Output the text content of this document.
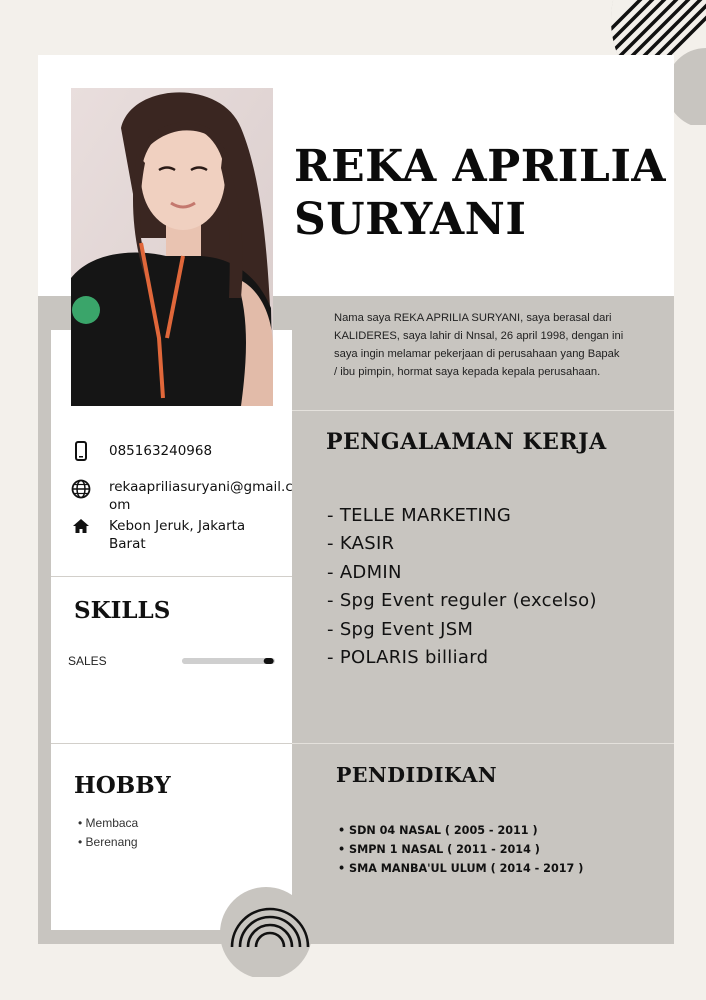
REKA APRILIA SURYANI

Nama saya REKA APRILIA SURYANI, saya berasal dari KALIDERES, saya lahir di Nnsal, 26 april 1998, dengan ini saya ingin melamar pekerjaan di perusahaan yang Bapak / ibu pimpin, hormat saya kepada kepala perusahaan.

085163240968

rekaapriliasuryani@gmail.com

Kebon Jeruk, Jakarta Barat

SKILLS

SALES

HOBBY
• Membaca
• Berenang
PENGALAMAN KERJA
- TELLE MARKETING
- KASIR
- ADMIN
- Spg Event reguler (excelso)
- Spg Event JSM
- POLARIS billiard
PENDIDIKAN
• SDN 04 NASAL ( 2005 - 2011 )
• SMPN 1 NASAL ( 2011 - 2014 )
• SMA MANBA'UL ULUM ( 2014 - 2017 )
